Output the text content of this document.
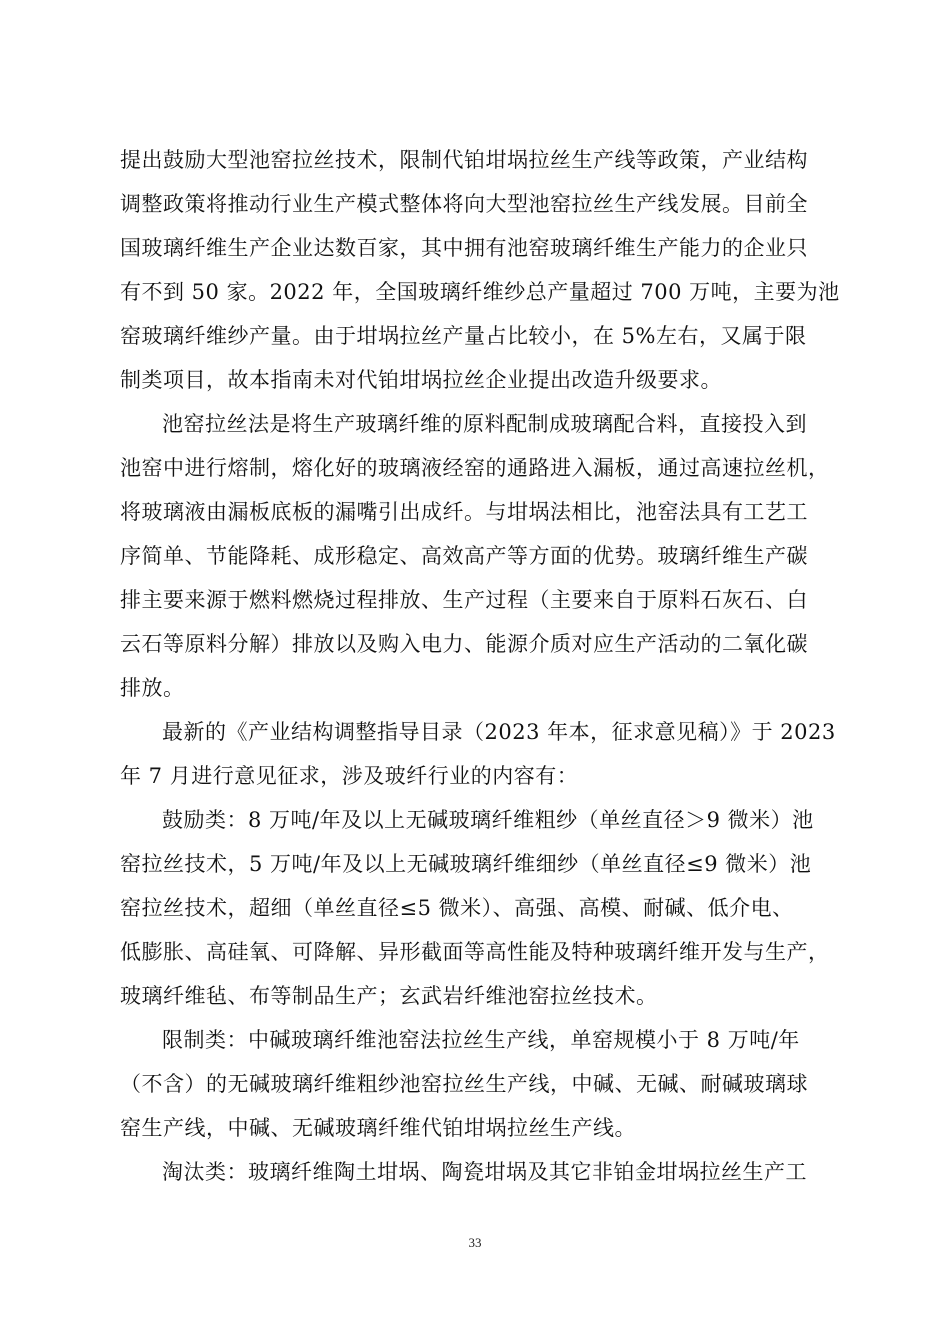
提出鼓励大型池窑拉丝技术，限制代铂坩埚拉丝生产线等政策，产业结构
调整政策将推动行业生产模式整体将向大型池窑拉丝生产线发展。目前全
国玻璃纤维生产企业达数百家，其中拥有池窑玻璃纤维生产能力的企业只
有不到 50 家。2022 年，全国玻璃纤维纱总产量超过 700 万吨，主要为池
窑玻璃纤维纱产量。由于坩埚拉丝产量占比较小，在 5%左右，又属于限
制类项目，故本指南未对代铂坩埚拉丝企业提出改造升级要求。
池窑拉丝法是将生产玻璃纤维的原料配制成玻璃配合料，直接投入到
池窑中进行熔制，熔化好的玻璃液经窑的通路进入漏板，通过高速拉丝机，
将玻璃液由漏板底板的漏嘴引出成纤。与坩埚法相比，池窑法具有工艺工
序简单、节能降耗、成形稳定、高效高产等方面的优势。玻璃纤维生产碳
排主要来源于燃料燃烧过程排放、生产过程（主要来自于原料石灰石、白
云石等原料分解）排放以及购入电力、能源介质对应生产活动的二氧化碳
排放。
最新的《产业结构调整指导目录（2023 年本，征求意见稿）》于 2023
年 7 月进行意见征求，涉及玻纤行业的内容有：
鼓励类：8 万吨/年及以上无碱玻璃纤维粗纱（单丝直径＞9 微米）池
窑拉丝技术，5 万吨/年及以上无碱玻璃纤维细纱（单丝直径≤9 微米）池
窑拉丝技术，超细（单丝直径≤5 微米）、高强、高模、耐碱、低介电、
低膨胀、高硅氧、可降解、异形截面等高性能及特种玻璃纤维开发与生产，
玻璃纤维毡、布等制品生产；玄武岩纤维池窑拉丝技术。
限制类：中碱玻璃纤维池窑法拉丝生产线，单窑规模小于 8 万吨/年
（不含）的无碱玻璃纤维粗纱池窑拉丝生产线，中碱、无碱、耐碱玻璃球
窑生产线，中碱、无碱玻璃纤维代铂坩埚拉丝生产线。
淘汰类：玻璃纤维陶土坩埚、陶瓷坩埚及其它非铂金坩埚拉丝生产工
33
